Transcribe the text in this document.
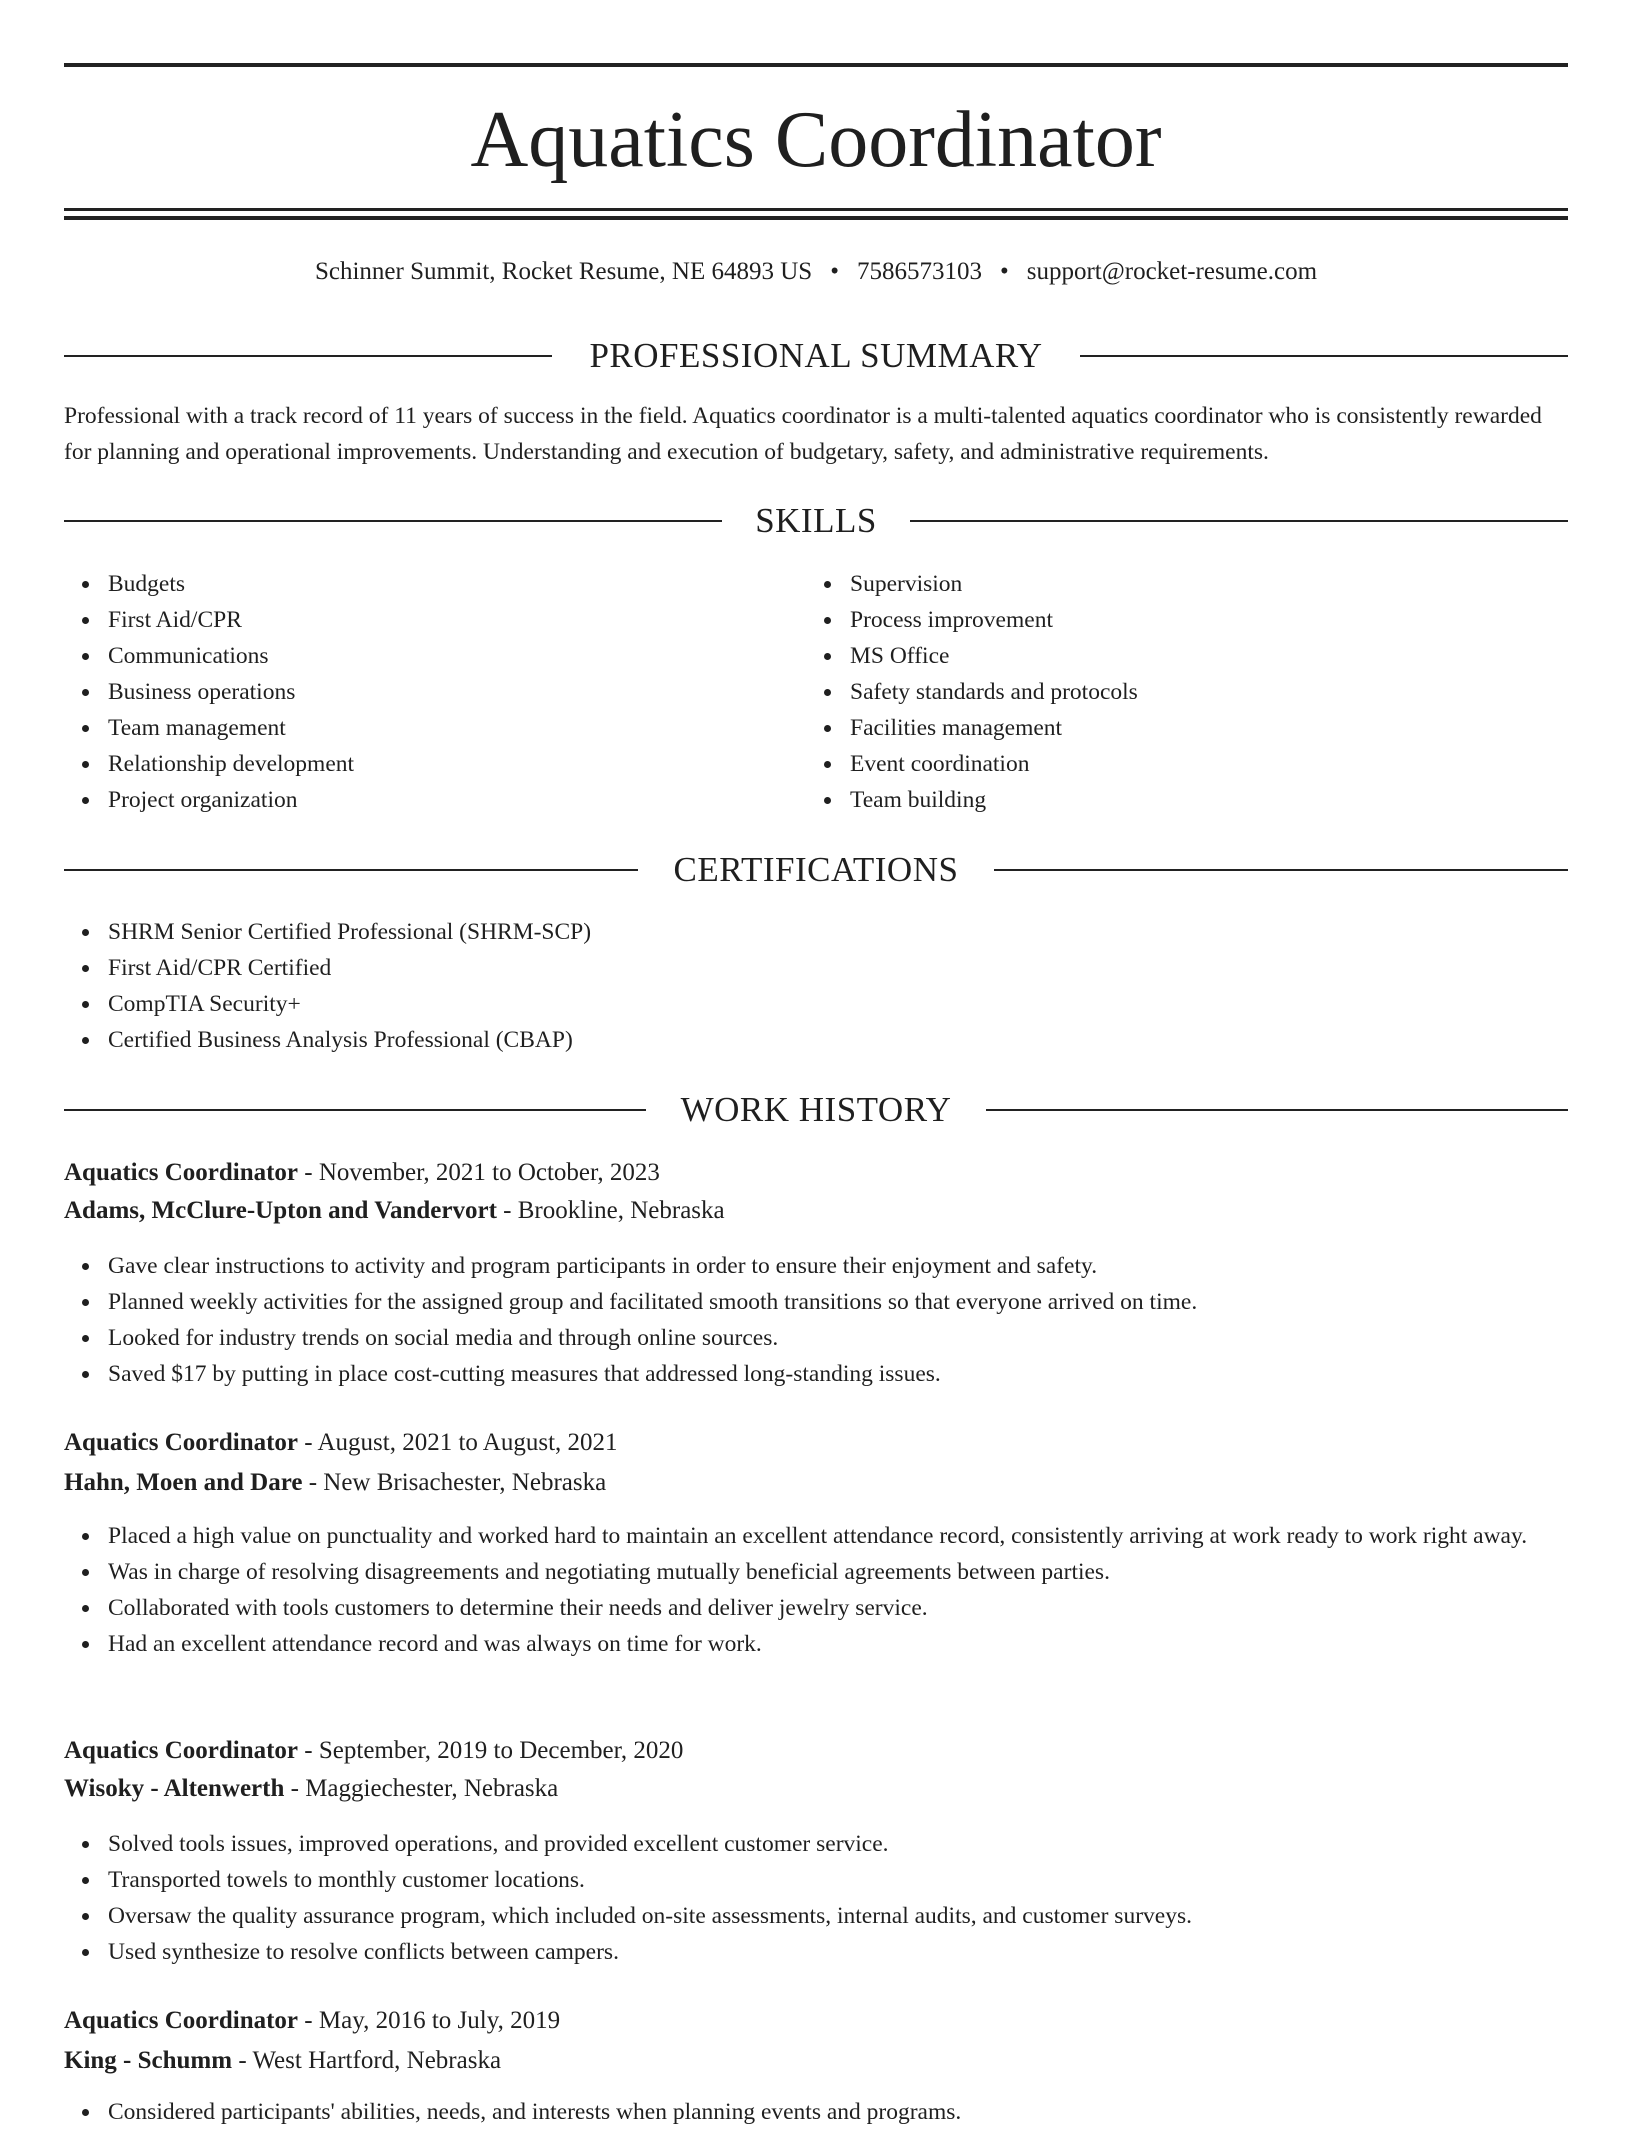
Aquatics Coordinator
Schinner Summit, Rocket Resume, NE 64893 US • 7586573103 • support@rocket-resume.com
PROFESSIONAL SUMMARY

Professional with a track record of 11 years of success in the field. Aquatics coordinator is a multi-talented aquatics coordinator who is consistently rewarded for planning and operational improvements. Understanding and execution of budgetary, safety, and administrative requirements.

SKILLS
Budgets
First Aid/CPR
Communications
Business operations
Team management
Relationship development
Project organization
Supervision
Process improvement
MS Office
Safety standards and protocols
Facilities management
Event coordination
Team building
CERTIFICATIONS
SHRM Senior Certified Professional (SHRM-SCP)
First Aid/CPR Certified
CompTIA Security+
Certified Business Analysis Professional (CBAP)
WORK HISTORY
Aquatics Coordinator - November, 2021 to October, 2023
Adams, McClure-Upton and Vandervort - Brookline, Nebraska
Gave clear instructions to activity and program participants in order to ensure their enjoyment and safety.
Planned weekly activities for the assigned group and facilitated smooth transitions so that everyone arrived on time.
Looked for industry trends on social media and through online sources.
Saved $17 by putting in place cost-cutting measures that addressed long-standing issues.
Aquatics Coordinator - August, 2021 to August, 2021
Hahn, Moen and Dare - New Brisachester, Nebraska
Placed a high value on punctuality and worked hard to maintain an excellent attendance record, consistently arriving at work ready to work right away.
Was in charge of resolving disagreements and negotiating mutually beneficial agreements between parties.
Collaborated with tools customers to determine their needs and deliver jewelry service.
Had an excellent attendance record and was always on time for work.
Aquatics Coordinator - September, 2019 to December, 2020
Wisoky - Altenwerth - Maggiechester, Nebraska
Solved tools issues, improved operations, and provided excellent customer service.
Transported towels to monthly customer locations.
Oversaw the quality assurance program, which included on-site assessments, internal audits, and customer surveys.
Used synthesize to resolve conflicts between campers.
Aquatics Coordinator - May, 2016 to July, 2019
King - Schumm - West Hartford, Nebraska
Considered participants' abilities, needs, and interests when planning events and programs.
